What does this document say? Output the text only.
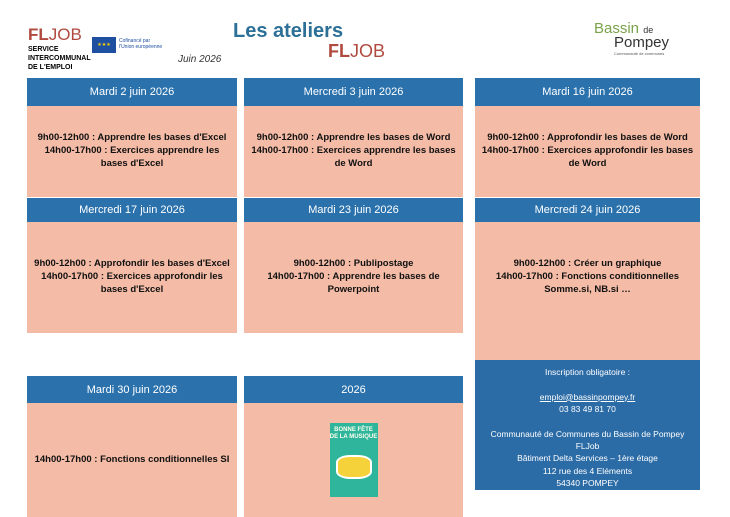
FLJOB
SERVICE
INTERCOMMUNAL
DE L'EMPLOI
★★★
Cofinancé par
l'Union européenne
Juin 2026
Les ateliers
FLJOB
Bassin de
Pompey
Communauté de communes
Mardi 2 juin 2026
9h00-12h00 : Apprendre les bases d'Excel
14h00-17h00 : Exercices apprendre les bases d'Excel
Mercredi 3 juin 2026
9h00-12h00 : Apprendre les bases de Word
14h00-17h00 : Exercices apprendre les bases de Word
Mardi 16 juin 2026
9h00-12h00 : Approfondir les bases de Word
14h00-17h00 : Exercices approfondir les bases de Word
Mercredi 17 juin 2026
9h00-12h00 : Approfondir les bases d'Excel
14h00-17h00 : Exercices approfondir les bases d'Excel
Mardi 23 juin 2026
9h00-12h00 : Publipostage
14h00-17h00 : Apprendre les bases de Powerpoint
Mercredi 24 juin 2026
9h00-12h00 : Créer un graphique
14h00-17h00 : Fonctions conditionnelles Somme.si, NB.si …
Mardi 30 juin 2026
14h00-17h00 : Fonctions conditionnelles SI
2026
BONNE FÊTE DE LA MUSIQUE
Inscription obligatoire :

emploi@bassinpompey.fr
03 83 49 81 70

Communauté de Communes du Bassin de Pompey
FLJob
Bâtiment Delta Services – 1ère étage
112 rue des 4 Eléments
54340 POMPEY
